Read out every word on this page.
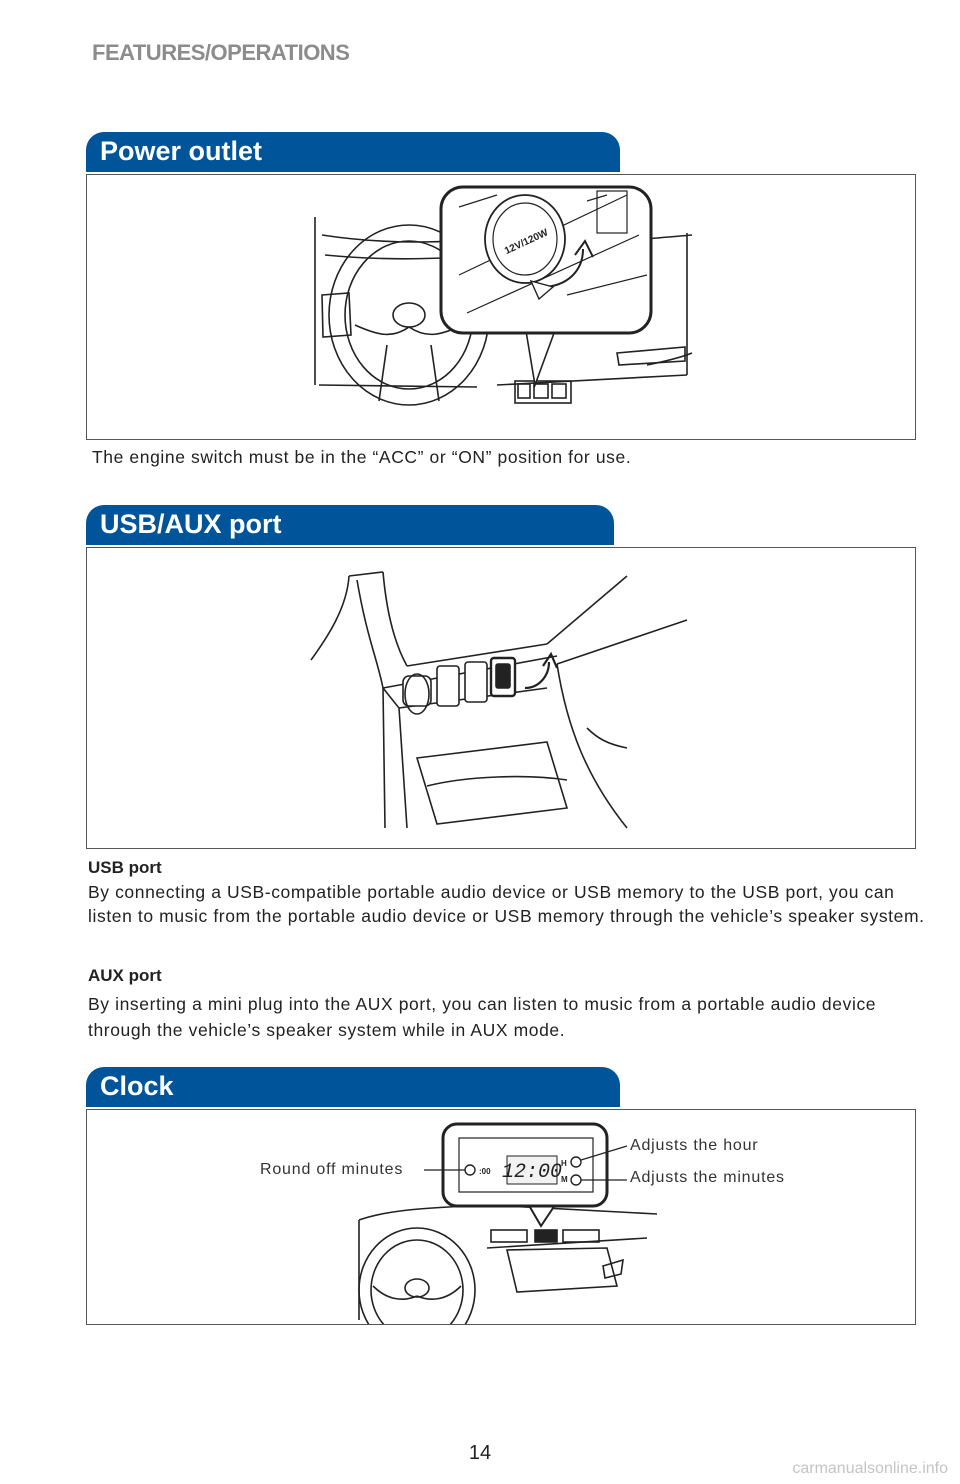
FEATURES/OPERATIONS
Power outlet
12V/120W
The engine switch must be in the “ACC” or “ON” position for use.
USB/AUX port
USB port
By connecting a USB-compatible portable audio device or USB memory to the USB port, you can listen to music from the portable audio device or USB memory through the vehicle’s speaker system.
AUX port
By inserting a mini plug into the AUX port, you can listen to music from a portable audio device through the vehicle’s speaker system while in AUX mode.
Clock
12:00
:00
H
M
Round off minutes
Adjusts the hour
Adjusts the minutes
14
carmanualsonline.info
